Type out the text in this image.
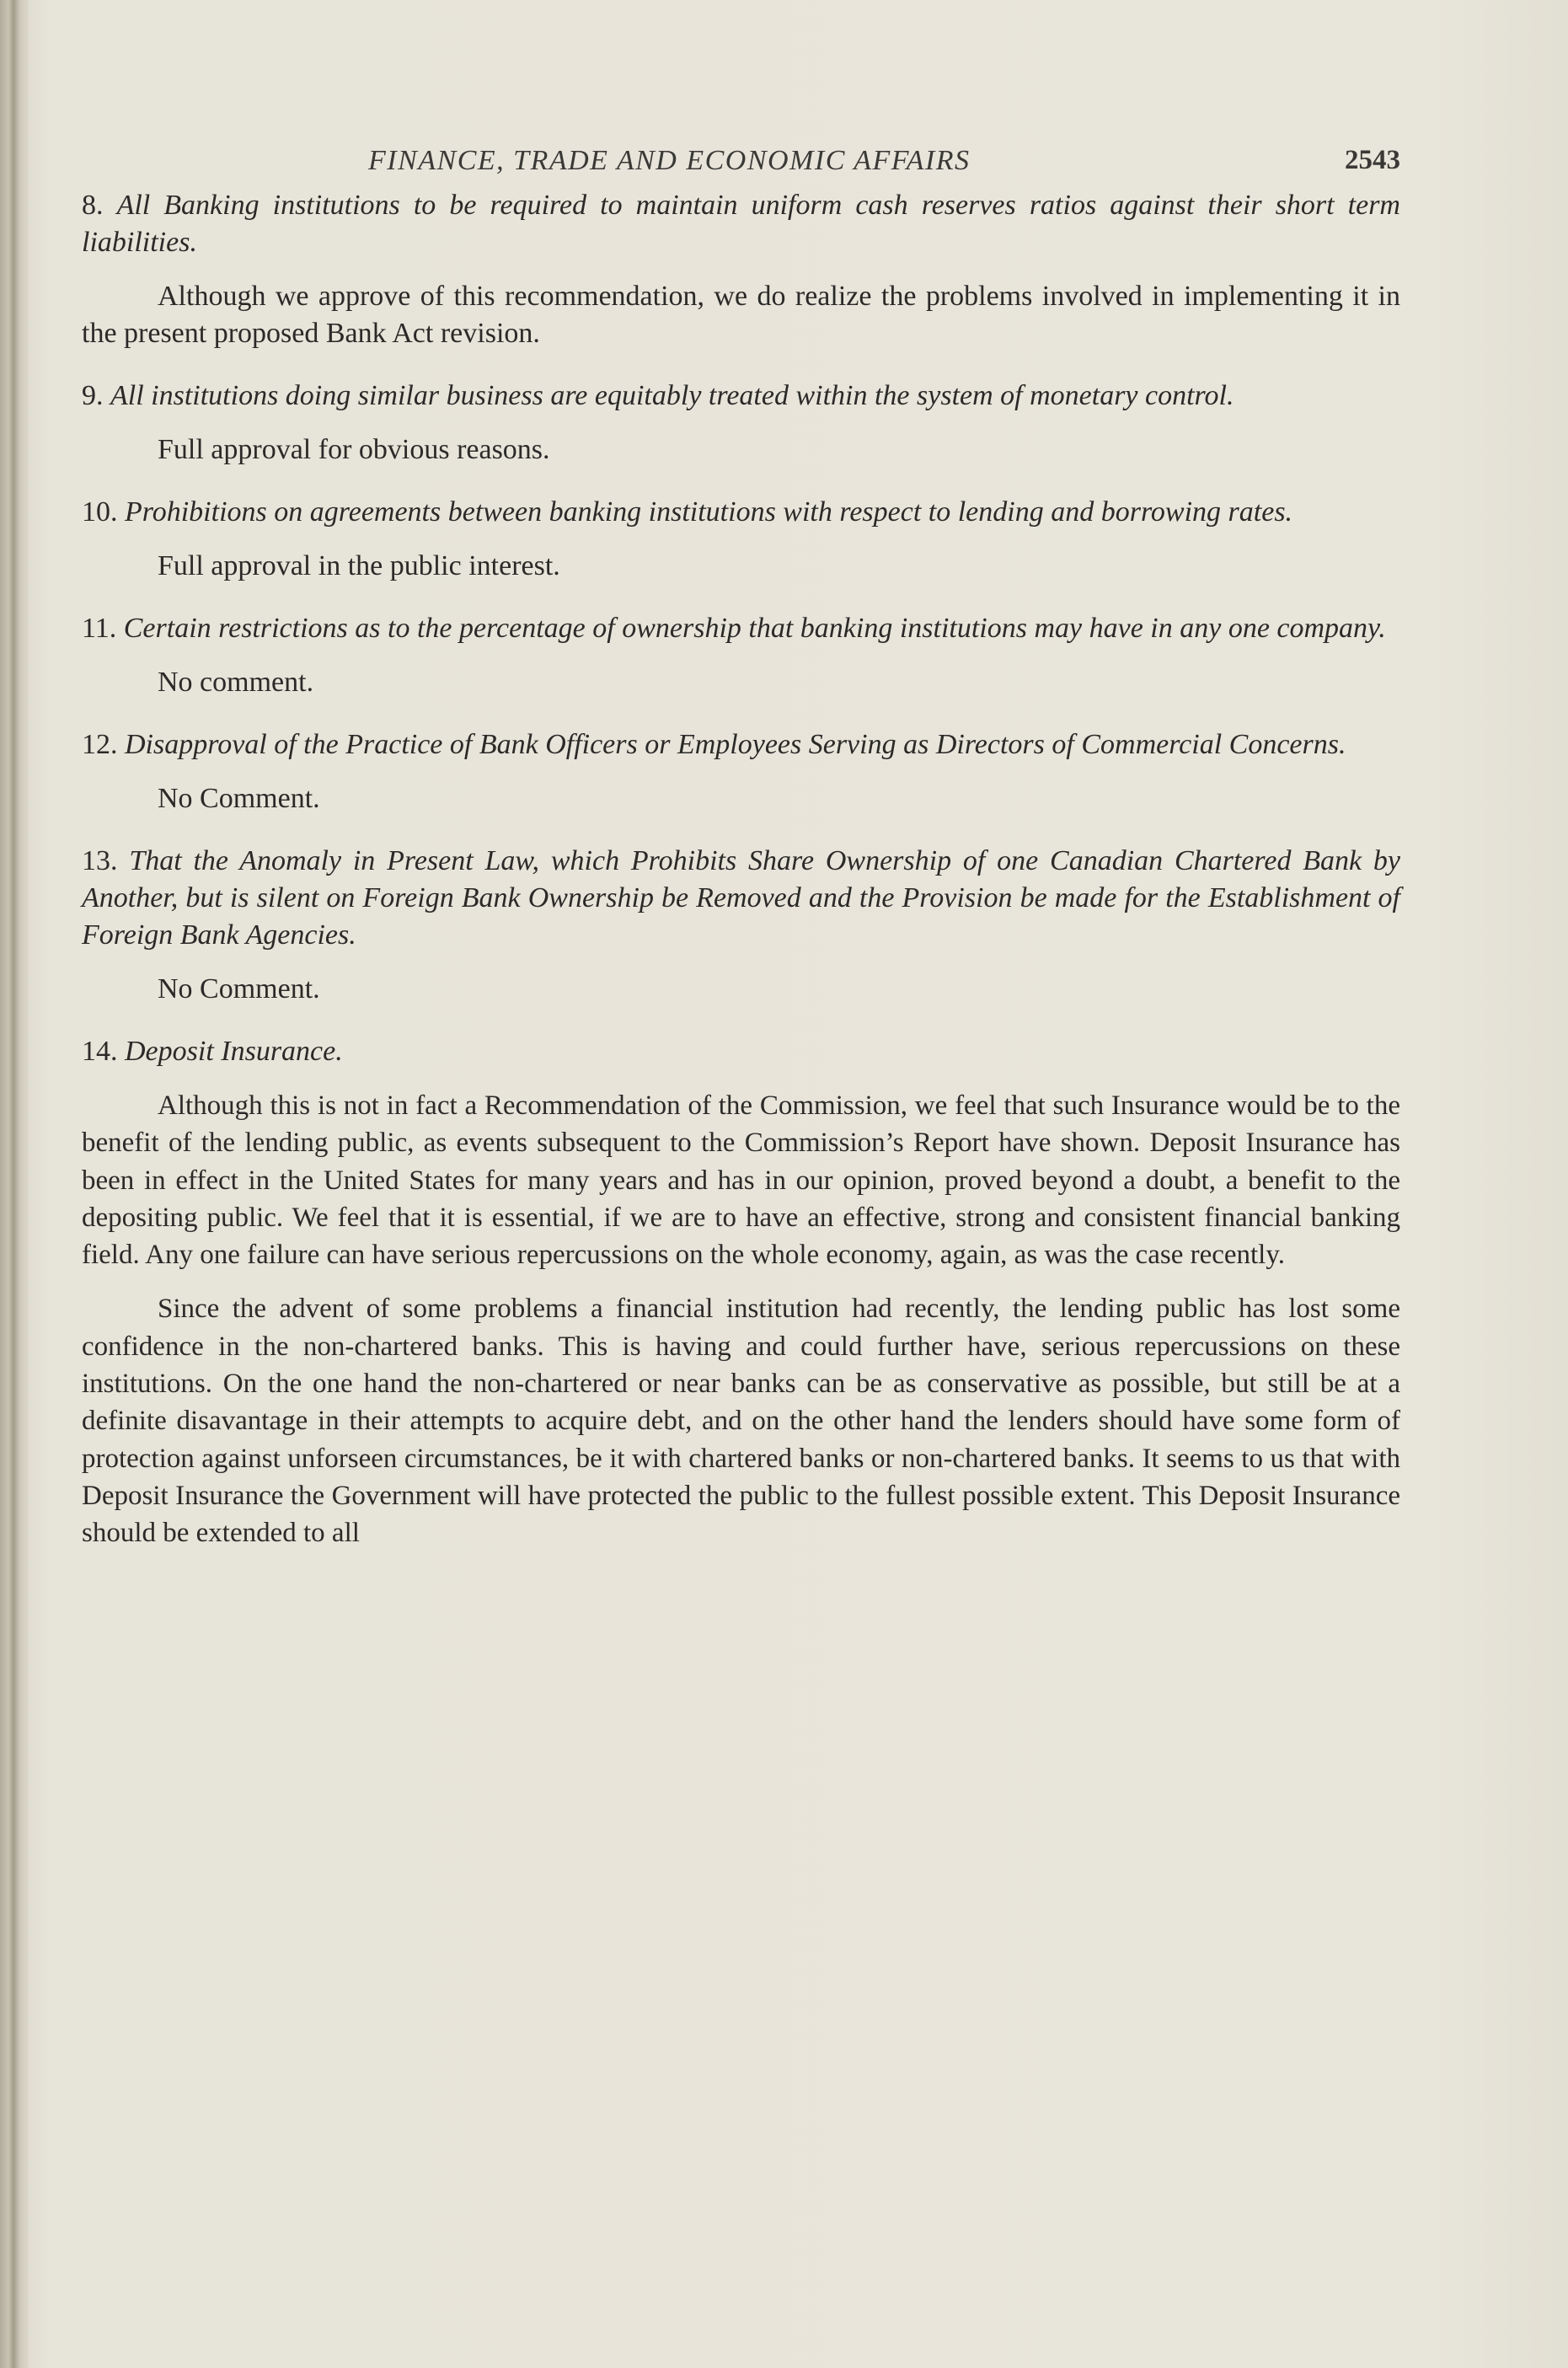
FINANCE, TRADE AND ECONOMIC AFFAIRS	2543

8. All Banking institutions to be required to maintain uniform cash reserves ratios against their short term liabilities.

Although we approve of this recommendation, we do realize the problems involved in implementing it in the present proposed Bank Act revision.

9. All institutions doing similar business are equitably treated within the system of monetary control.

Full approval for obvious reasons.

10. Prohibitions on agreements between banking institutions with respect to lending and borrowing rates.

Full approval in the public interest.

11. Certain restrictions as to the percentage of ownership that banking institutions may have in any one company.

No comment.

12. Disapproval of the Practice of Bank Officers or Employees Serving as Directors of Commercial Concerns.

No Comment.

13. That the Anomaly in Present Law, which Prohibits Share Ownership of one Canadian Chartered Bank by Another, but is silent on Foreign Bank Ownership be Removed and the Provision be made for the Establishment of Foreign Bank Agencies.

No Comment.

14. Deposit Insurance.

Although this is not in fact a Recommendation of the Commission, we feel that such Insurance would be to the benefit of the lending public, as events subsequent to the Commission’s Report have shown. Deposit Insurance has been in effect in the United States for many years and has in our opinion, proved beyond a doubt, a benefit to the depositing public. We feel that it is essential, if we are to have an effective, strong and consistent financial banking field. Any one failure can have serious repercussions on the whole economy, again, as was the case recently.

Since the advent of some problems a financial institution had recently, the lending public has lost some confidence in the non-chartered banks. This is having and could further have, serious repercussions on these institutions. On the one hand the non-chartered or near banks can be as conservative as possible, but still be at a definite disavantage in their attempts to acquire debt, and on the other hand the lenders should have some form of protection against unforseen circumstances, be it with chartered banks or non-chartered banks. It seems to us that with Deposit Insurance the Government will have protected the public to the fullest possible extent. This Deposit Insurance should be extended to all
